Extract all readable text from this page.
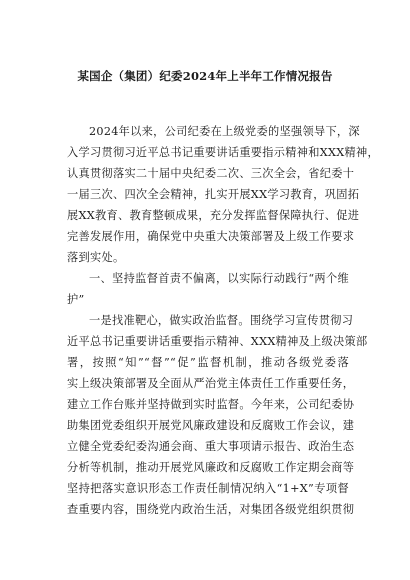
某国企（集团）纪委2024年上半年工作情况报告
2024年以来，公司纪委在上级党委的坚强领导下，深
入学习贯彻习近平总书记重要讲话重要指示精神和XXX精神，
认真贯彻落实二十届中央纪委二次、三次全会，省纪委十
一届三次、四次全会精神，扎实开展XX学习教育，巩固拓
展XX教育、教育整顿成果，充分发挥监督保障执行、促进
完善发展作用，确保党中央重大决策部署及上级工作要求
落到实处。
一、坚持监督首责不偏离，以实际行动践行“两个维
护”
一是找准靶心，做实政治监督。围绕学习宣传贯彻习
近平总书记重要讲话重要指示精神、XXX精神及上级决策部
署，按照“知”“督”“促”监督机制，推动各级党委落
实上级决策部署及全面从严治党主体责任工作重要任务，
建立工作台账并坚持做到实时监督。今年来，公司纪委协
助集团党委组织开展党风廉政建设和反腐败工作会议，建
立健全党委纪委沟通会商、重大事项请示报告、政治生态
分析等机制，推动开展党风廉政和反腐败工作定期会商等
坚持把落实意识形态工作责任制情况纳入“1+X”专项督
查重要内容，围绕党内政治生活，对集团各级党组织贯彻
